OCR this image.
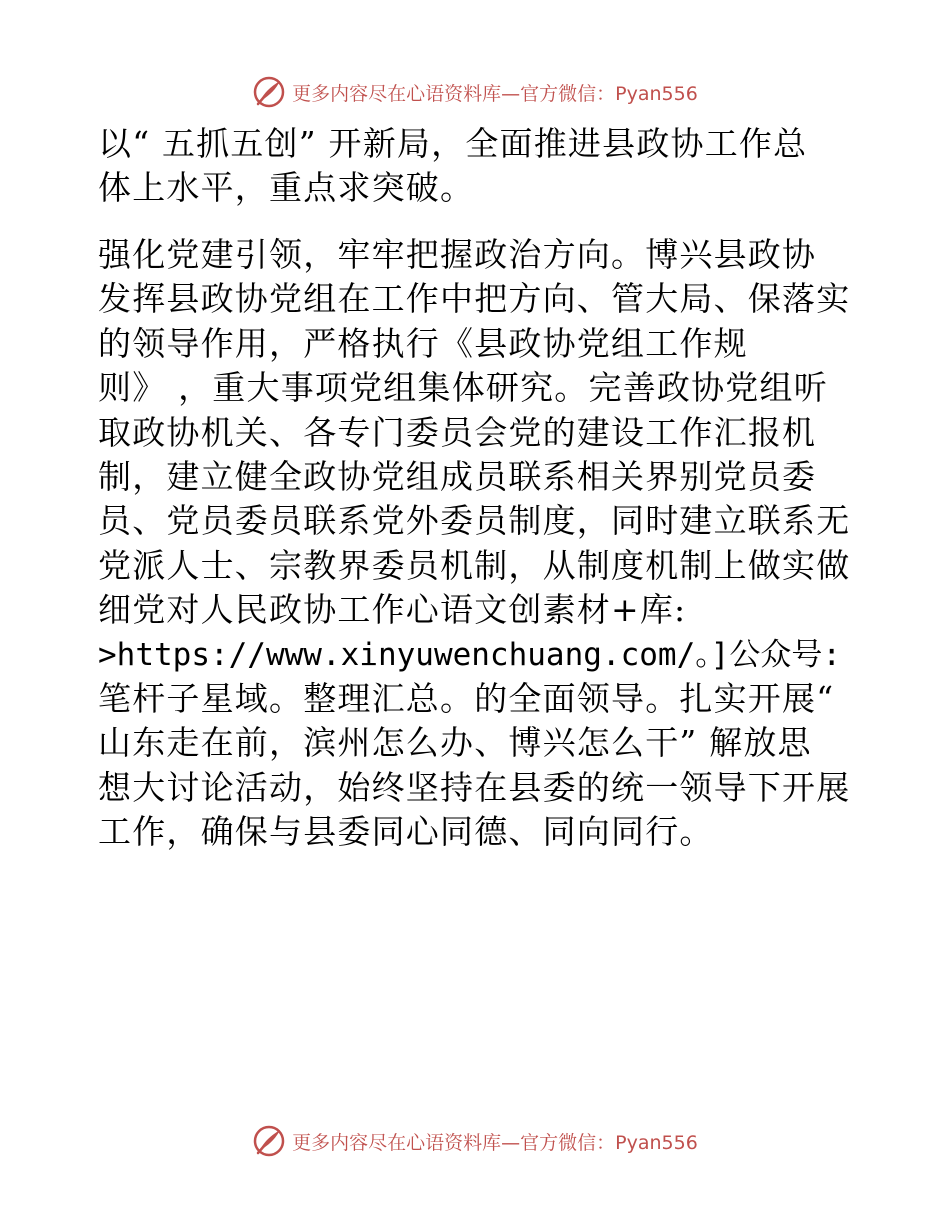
更多内容尽在心语资料库—官方微信：Pyan556
以“ 五抓五创” 开新局，全面推进县政协工作总
体上水平，重点求突破。
强化党建引领，牢牢把握政治方向。博兴县政协
发挥县政协党组在工作中把方向、管大局、保落实
的领导作用，严格执行《县政协党组工作规
则》 ，重大事项党组集体研究。完善政协党组听
取政协机关、各专门委员会党的建设工作汇报机
制，建立健全政协党组成员联系相关界别党员委
员、党员委员联系党外委员制度，同时建立联系无
党派人士、宗教界委员机制，从制度机制上做实做
细党对人民政协工作心语文创素材+库:
>https://www.xinyuwenchuang.com/。]公众号:
笔杆子星域。整理汇总。的全面领导。扎实开展“
山东走在前，滨州怎么办、博兴怎么干” 解放思
想大讨论活动，始终坚持在县委的统一领导下开展
工作，确保与县委同心同德、同向同行。
更多内容尽在心语资料库—官方微信：Pyan556
